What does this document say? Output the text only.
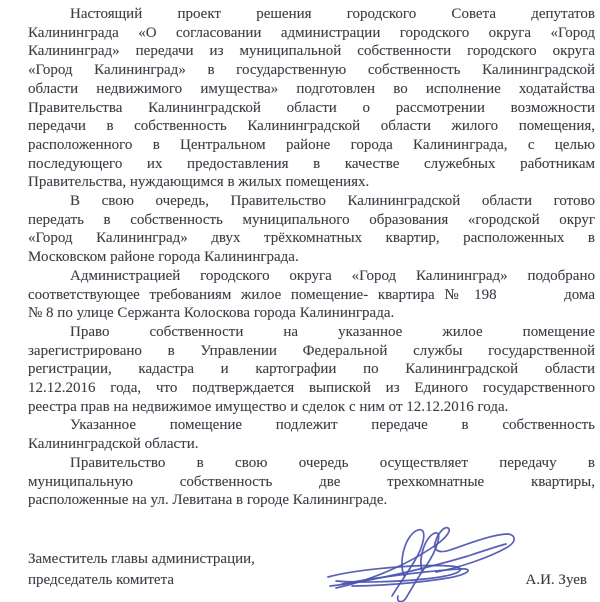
Настоящий проект решения городского Совета депутатов
Калининграда «О согласовании администрации городского округа «Город
Калининград» передачи из муниципальной собственности городского округа
«Город Калининград» в государственную собственность Калининградской
области недвижимого имущества» подготовлен во исполнение ходатайства
Правительства Калининградской области о рассмотрении возможности
передачи в собственность Калининградской области жилого помещения,
расположенного в Центральном районе города Калининграда, с целью
последующего их предоставления в качестве служебных работникам
Правительства, нуждающимся в жилых помещениях.
В свою очередь, Правительство Калининградской области готово
передать в собственность муниципального образования «городской округ
«Город Калининград» двух трёхкомнатных квартир, расположенных в
Московском районе города Калининграда.
Администрацией городского округа «Город Калининград» подобрано
соответствующее требованиям жилое помещение- квартира № 198       дома
№ 8 по улице Сержанта Колоскова города Калининграда.
Право собственности на указанное жилое помещение
зарегистрировано в Управлении Федеральной службы государственной
регистрации, кадастра и картографии по Калининградской области
12.12.2016 года, что подтверждается выпиской из Единого государственного
реестра прав на недвижимое имущество и сделок с ним от 12.12.2016 года.
Указанное помещение подлежит передаче в собственность
Калининградской области.
Правительство в свою очередь осуществляет передачу в
муниципальную собственность две трехкомнатные квартиры,
расположенные на ул. Левитана в городе Калининграде.
Заместитель главы администрации,
председатель комитета	А.И. Зуев
